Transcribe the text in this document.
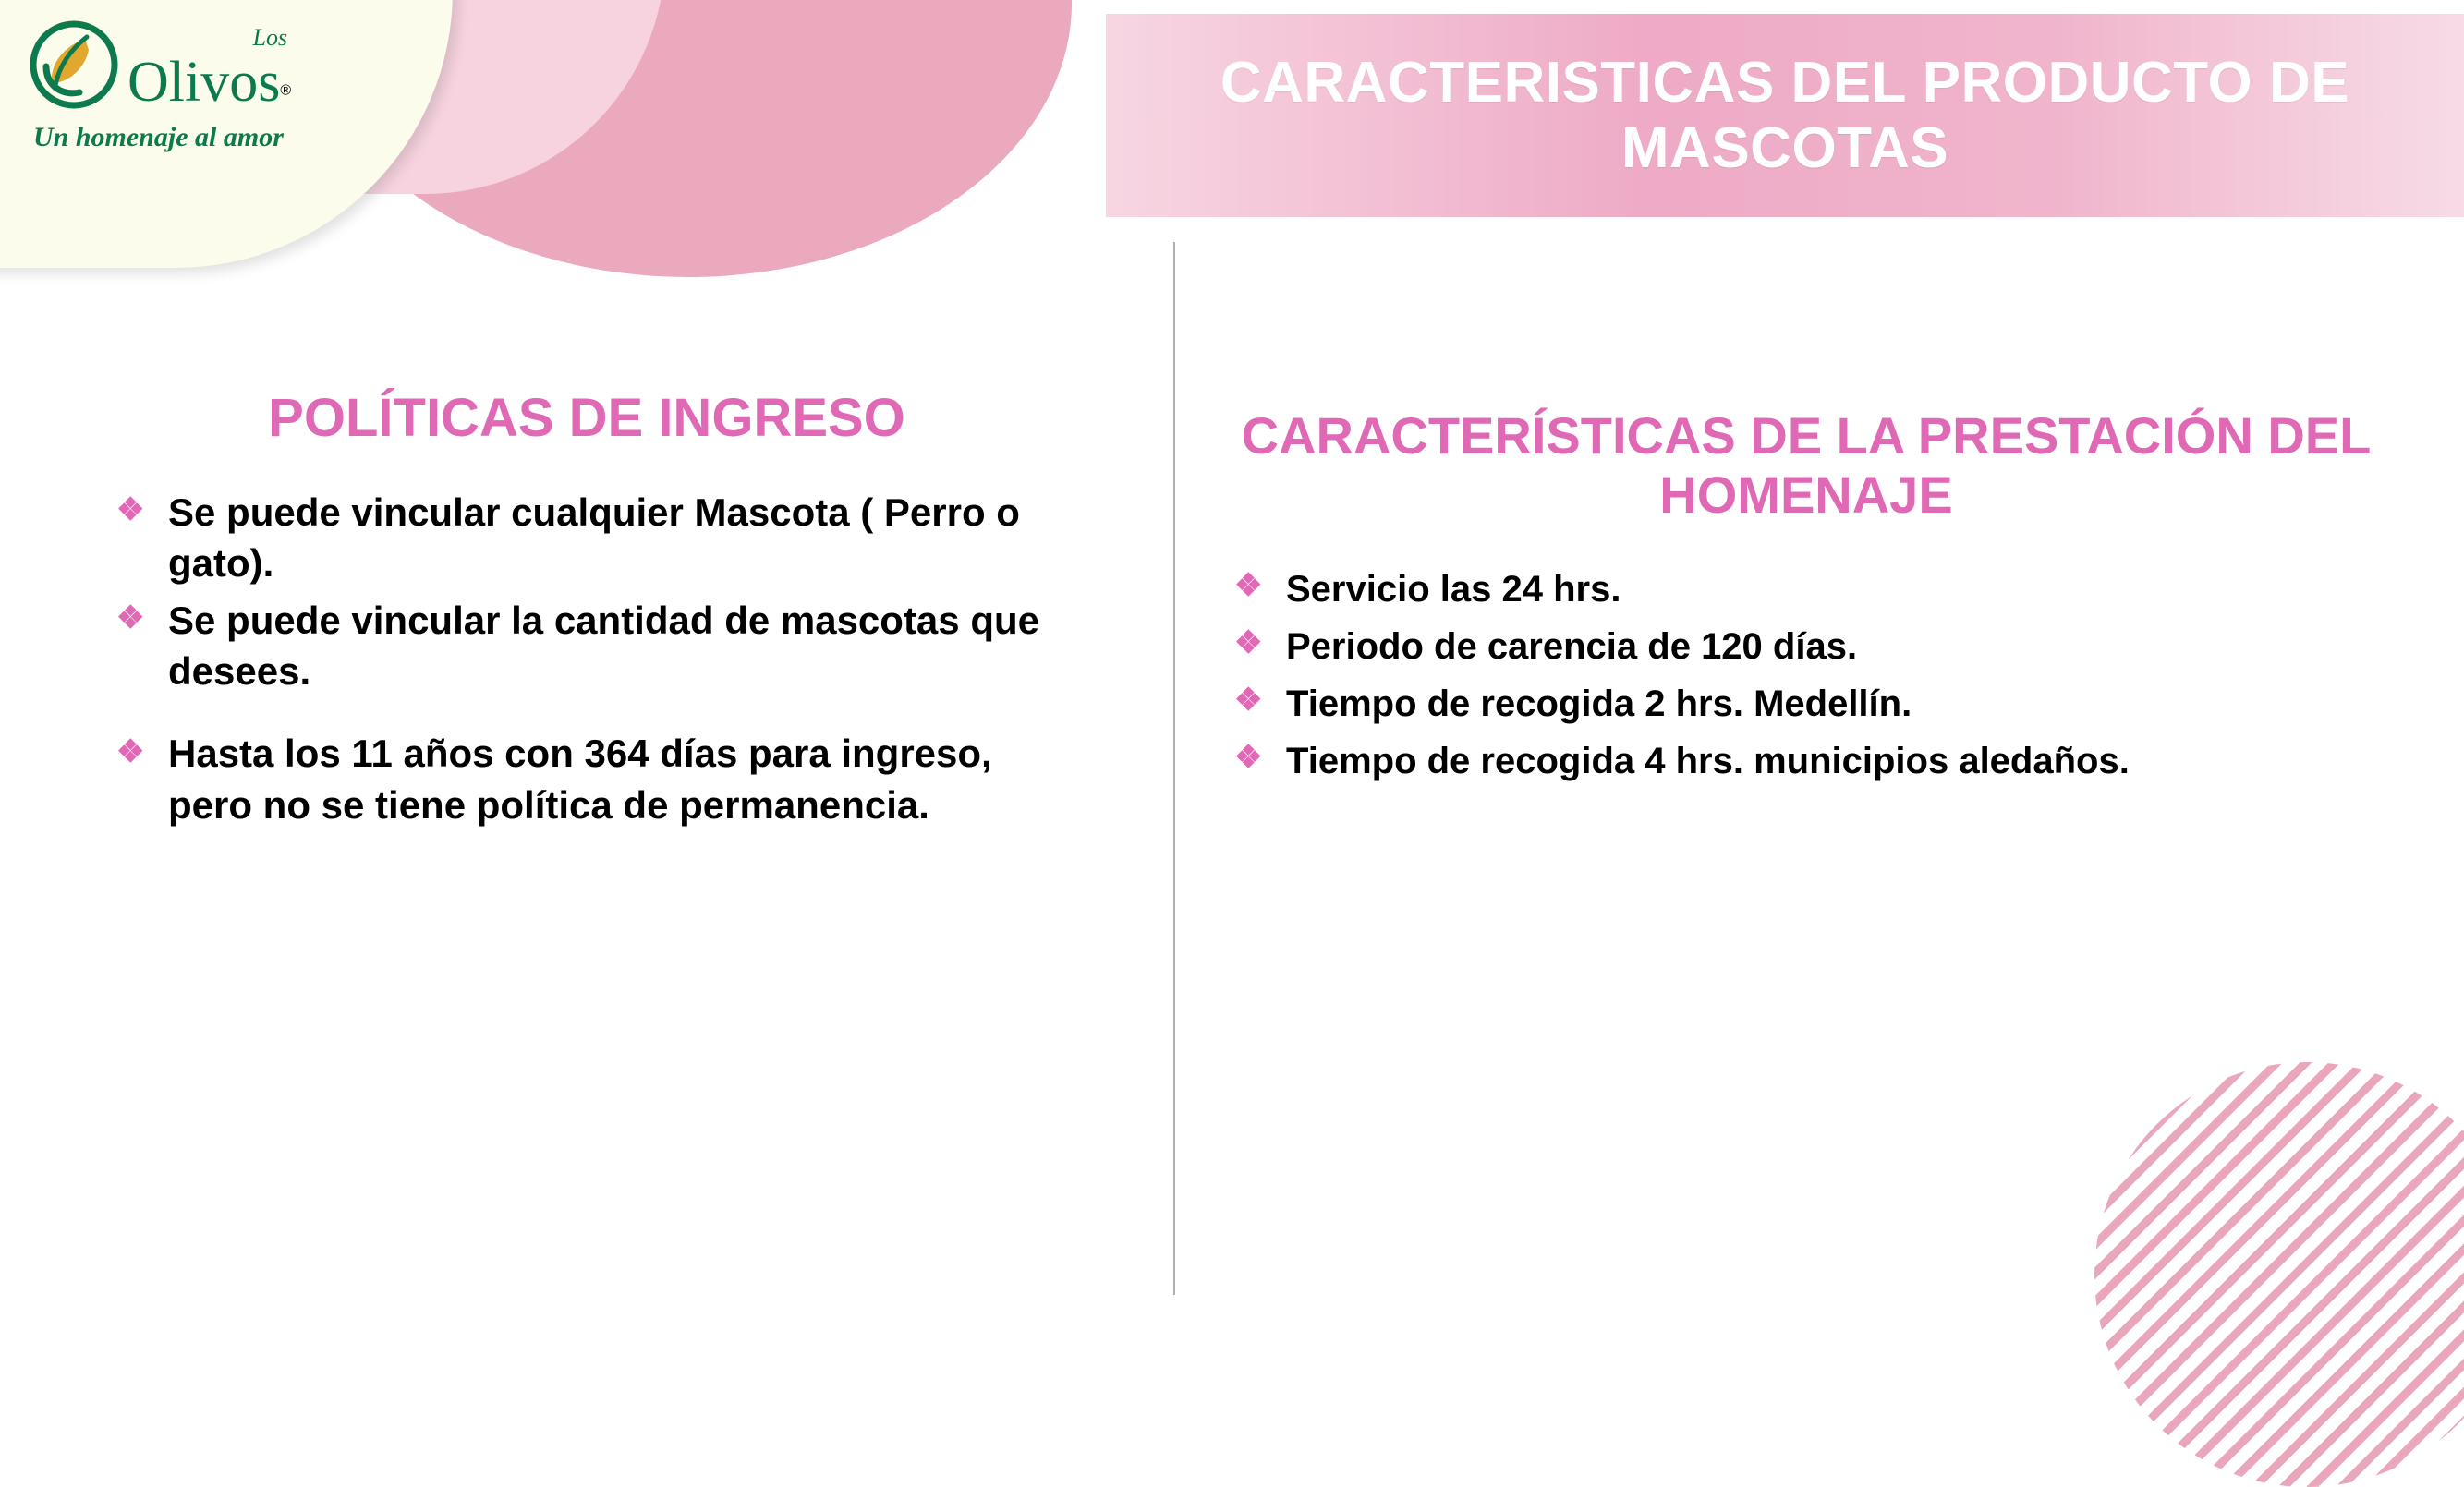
Los
Olivos®
Un homenaje al amor
CARACTERISTICAS DEL PRODUCTO DE MASCOTAS
POLÍTICAS DE INGRESO
❖ Se puede vincular cualquier Mascota ( Perro o gato).
❖ Se puede vincular la cantidad de mascotas que desees.
❖ Hasta los 11 años con 364 días para ingreso, pero no se tiene política de permanencia.
CARACTERÍSTICAS DE LA PRESTACIÓN DEL HOMENAJE
❖ Servicio las 24 hrs.
❖ Periodo de carencia de 120 días.
❖ Tiempo de recogida 2 hrs. Medellín.
❖ Tiempo de recogida 4 hrs. municipios aledaños.
